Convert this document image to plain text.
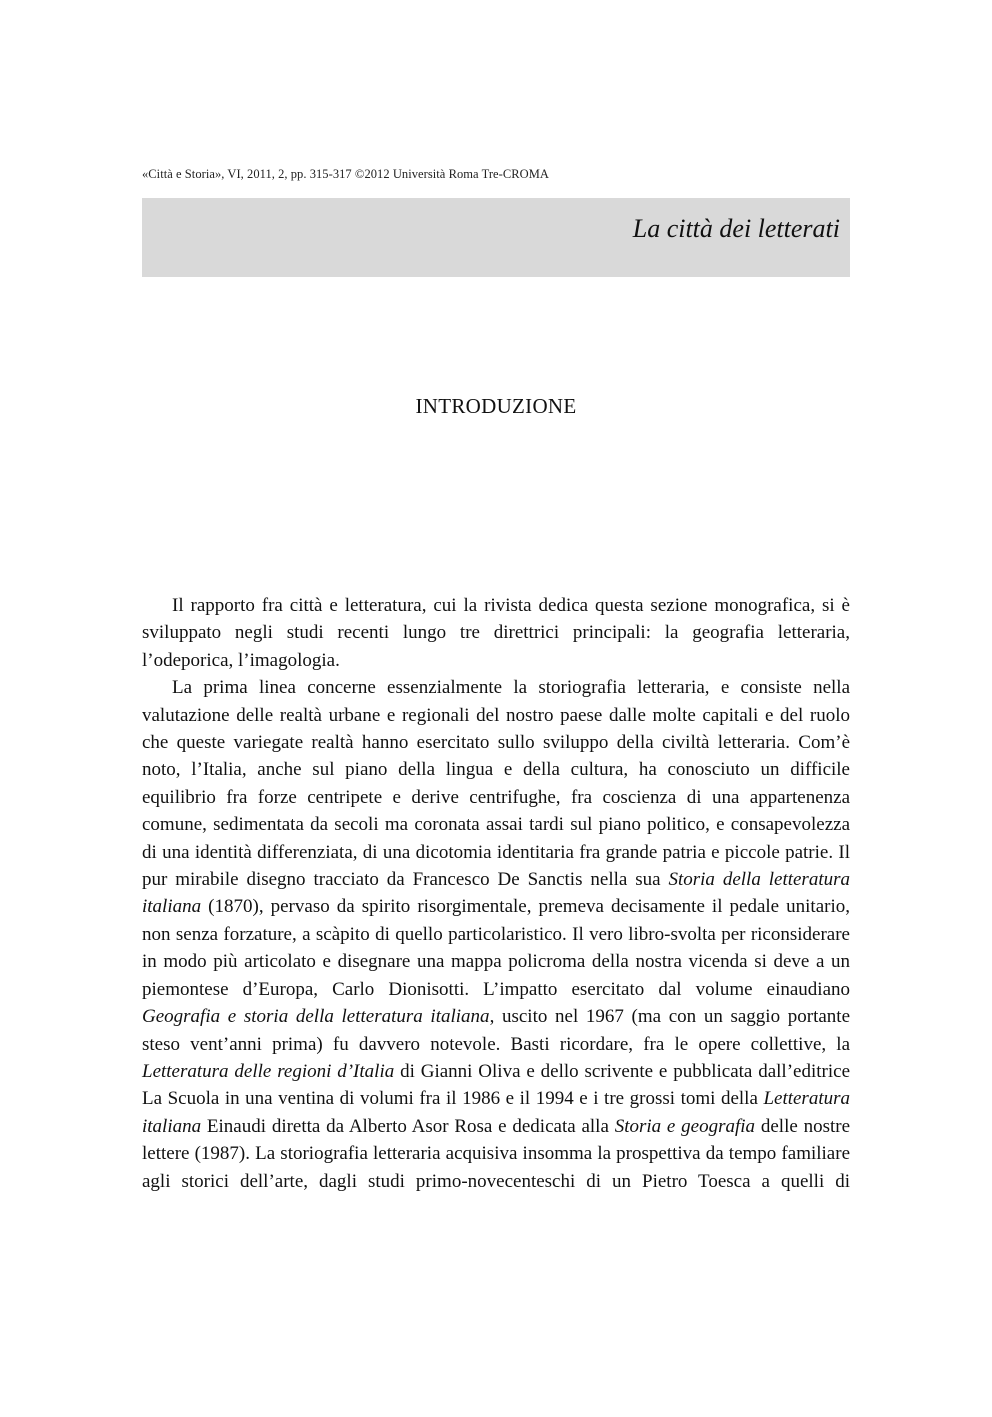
«Città e Storia», VI, 2011, 2, pp. 315-317 ©2012 Università Roma Tre-CROMA
La città dei letterati
INTRODUZIONE

Il rapporto fra città e letteratura, cui la rivista dedica questa sezione monografica, si è sviluppato negli studi recenti lungo tre direttrici principali: la geografia letteraria, l’odeporica, l’imagologia.

La prima linea concerne essenzialmente la storiografia letteraria, e consiste nella valutazione delle realtà urbane e regionali del nostro paese dalle molte capitali e del ruolo che queste variegate realtà hanno esercitato sullo sviluppo della civiltà letteraria. Com’è noto, l’Italia, anche sul piano della lingua e della cultura, ha conosciuto un difficile equilibrio fra forze centripete e derive centrifughe, fra coscienza di una appartenenza comune, sedimentata da secoli ma coronata assai tardi sul piano politico, e consapevolezza di una identità differenziata, di una dicotomia identitaria fra grande patria e piccole patrie. Il pur mirabile disegno tracciato da Francesco De Sanctis nella sua Storia della letteratura italiana (1870), pervaso da spirito risorgimentale, premeva decisamente il pedale unitario, non senza forzature, a scàpito di quello particolaristico. Il vero libro-svolta per riconsiderare in modo più articolato e disegnare una mappa policroma della nostra vicenda si deve a un piemontese d’Europa, Carlo Dionisotti. L’impatto esercitato dal volume einaudiano Geografia e storia della letteratura italiana, uscito nel 1967 (ma con un saggio portante steso vent’anni prima) fu davvero notevole. Basti ricordare, fra le opere collettive, la Letteratura delle regioni d’Italia di Gianni Oliva e dello scrivente e pubblicata dall’editrice La Scuola in una ventina di volumi fra il 1986 e il 1994 e i tre grossi tomi della Letteratura italiana Einaudi diretta da Alberto Asor Rosa e dedicata alla Storia e geografia delle nostre lettere (1987). La storiografia letteraria acquisiva insomma la prospettiva da tempo familiare agli storici dell’arte, dagli studi primo-novecenteschi di un Pietro Toesca a quelli di
